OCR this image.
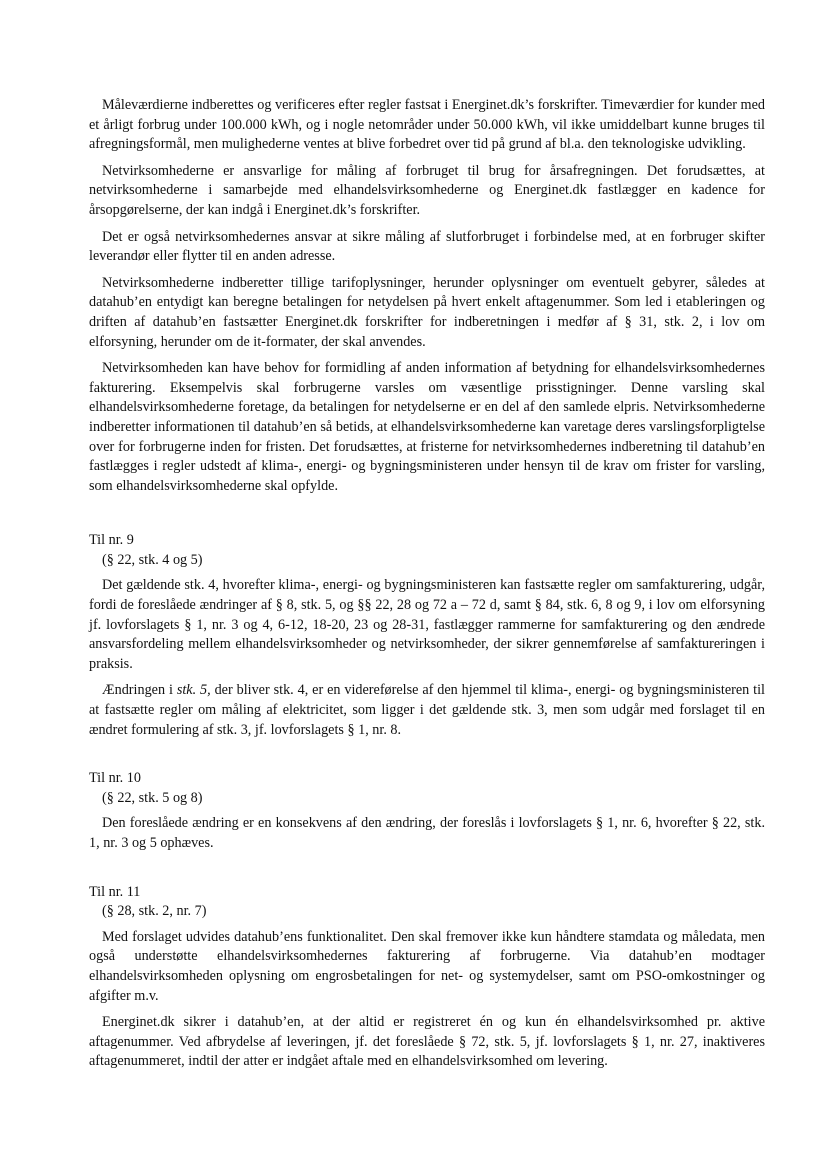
Måleværdierne indberettes og verificeres efter regler fastsat i Energinet.dk’s forskrifter. Timeværdier for kunder med et årligt forbrug under 100.000 kWh, og i nogle netområder under 50.000 kWh, vil ikke umiddelbart kunne bruges til afregningsformål, men mulighederne ventes at blive forbedret over tid på grund af bl.a. den teknologiske udvikling.

Netvirksomhederne er ansvarlige for måling af forbruget til brug for årsafregningen. Det forudsættes, at netvirksomhederne i samarbejde med elhandelsvirksomhederne og Energinet.dk fastlægger en kadence for årsopgørelserne, der kan indgå i Energinet.dk’s forskrifter.

Det er også netvirksomhedernes ansvar at sikre måling af slutforbruget i forbindelse med, at en forbruger skifter leverandør eller flytter til en anden adresse.

Netvirksomhederne indberetter tillige tarifoplysninger, herunder oplysninger om eventuelt gebyrer, således at datahub’en entydigt kan beregne betalingen for netydelsen på hvert enkelt aftagenummer. Som led i etableringen og driften af datahub’en fastsætter Energinet.dk forskrifter for indberetningen i medfør af § 31, stk. 2, i lov om elforsyning, herunder om de it-formater, der skal anvendes.

Netvirksomheden kan have behov for formidling af anden information af betydning for elhandelsvirksomhedernes fakturering. Eksempelvis skal forbrugerne varsles om væsentlige prisstigninger. Denne varsling skal elhandelsvirksomhederne foretage, da betalingen for netydelserne er en del af den samlede elpris. Netvirksomhederne indberetter informationen til datahub’en så betids, at elhandelsvirksomhederne kan varetage deres varslingsforpligtelse over for forbrugerne inden for fristen. Det forudsættes, at fristerne for netvirksomhedernes indberetning til datahub’en fastlægges i regler udstedt af klima-, energi- og bygningsministeren under hensyn til de krav om frister for varsling, som elhandelsvirksomhederne skal opfylde.

Til nr. 9

(§ 22, stk. 4 og 5)

Det gældende stk. 4, hvorefter klima-, energi- og bygningsministeren kan fastsætte regler om samfakturering, udgår, fordi de foreslåede ændringer af § 8, stk. 5, og §§ 22, 28 og 72 a – 72 d, samt § 84, stk. 6, 8 og 9, i lov om elforsyning jf. lovforslagets § 1, nr. 3 og 4, 6-12, 18-20, 23 og 28-31, fastlægger rammerne for samfakturering og den ændrede ansvarsfordeling mellem elhandelsvirksomheder og netvirksomheder, der sikrer gennemførelse af samfaktureringen i praksis.

Ændringen i stk. 5, der bliver stk. 4, er en videreførelse af den hjemmel til klima-, energi- og bygningsministeren til at fastsætte regler om måling af elektricitet, som ligger i det gældende stk. 3, men som udgår med forslaget til en ændret formulering af stk. 3, jf. lovforslagets § 1, nr. 8.

Til nr. 10

(§ 22, stk. 5 og 8)

Den foreslåede ændring er en konsekvens af den ændring, der foreslås i lovforslagets § 1, nr. 6, hvorefter § 22, stk. 1, nr. 3 og 5 ophæves.

Til nr. 11

(§ 28, stk. 2, nr. 7)

Med forslaget udvides datahub’ens funktionalitet. Den skal fremover ikke kun håndtere stamdata og måledata, men også understøtte elhandelsvirksomhedernes fakturering af forbrugerne. Via datahub’en modtager elhandelsvirksomheden oplysning om engrosbetalingen for net- og systemydelser, samt om PSO-omkostninger og afgifter m.v.

Energinet.dk sikrer i datahub’en, at der altid er registreret én og kun én elhandelsvirksomhed pr. aktive aftagenummer. Ved afbrydelse af leveringen, jf. det foreslåede § 72, stk. 5, jf. lovforslagets § 1, nr. 27, inaktiveres aftagenummeret, indtil der atter er indgået aftale med en elhandelsvirksomhed om levering.
